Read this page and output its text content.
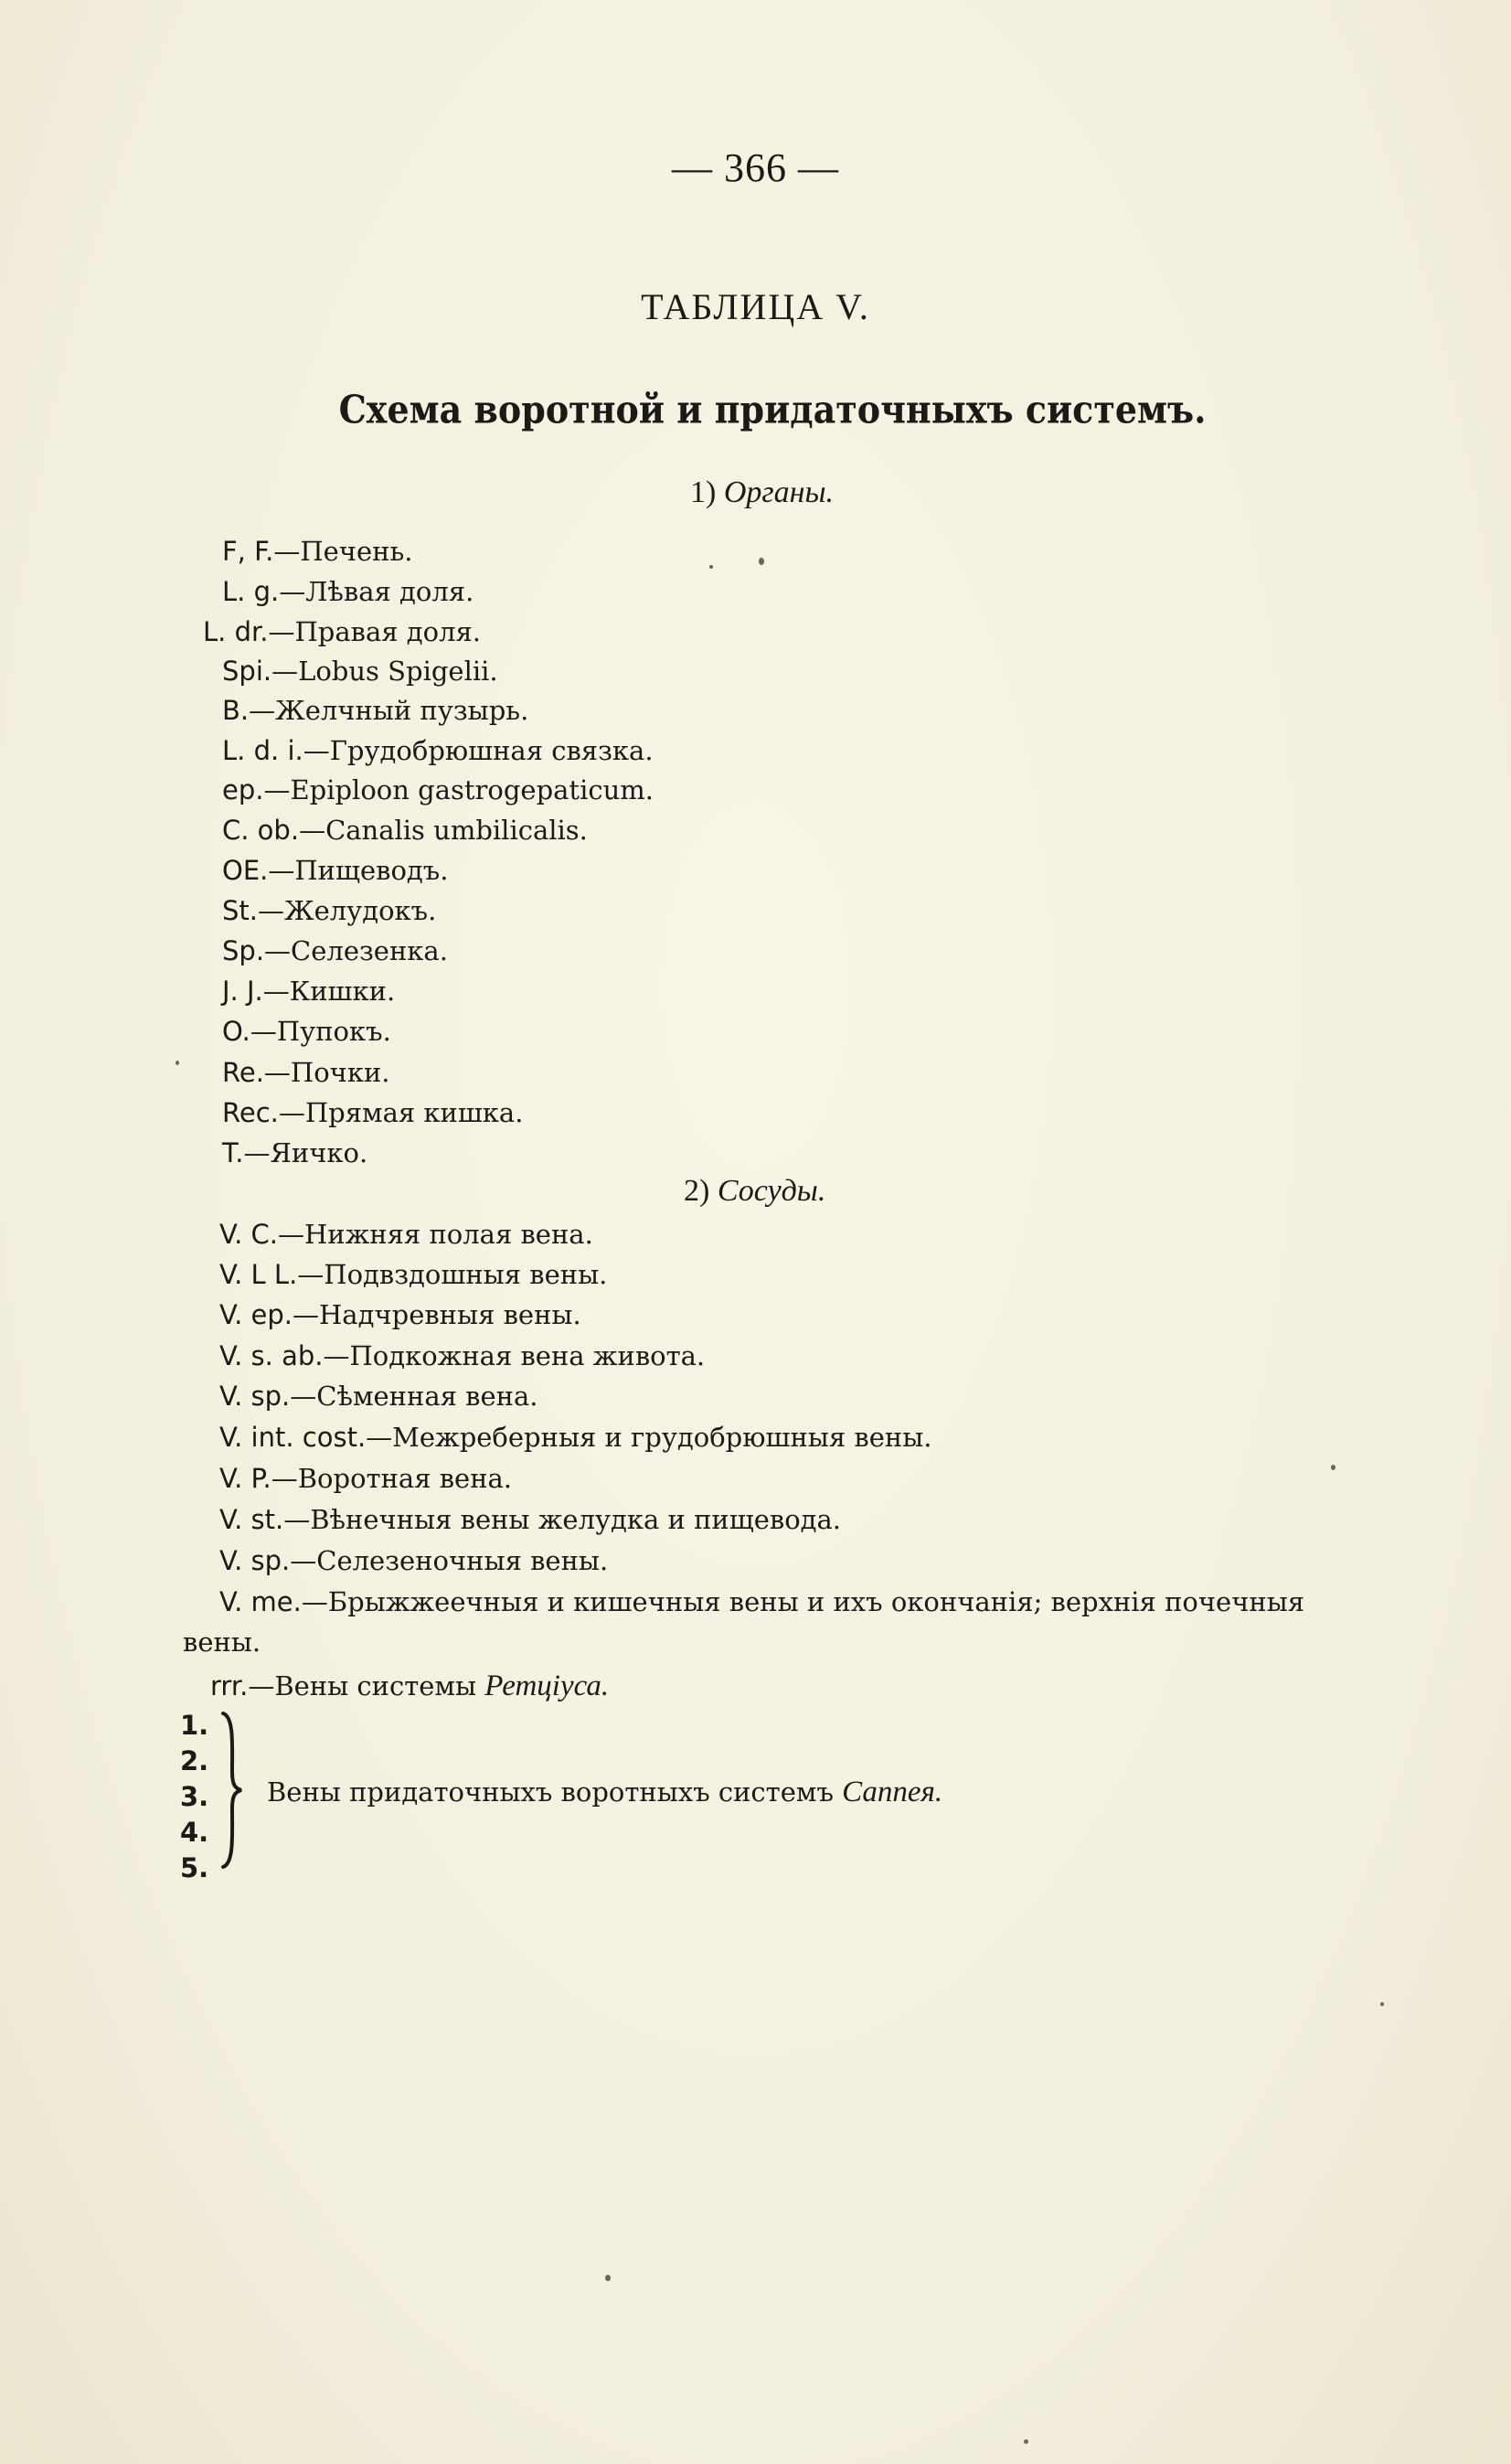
— 366 —
ТАБЛИЦА V.
Схема воротной и придаточныхъ системъ.
1) Органы.
F, F.—Печень.
L. g.—Лѣвая доля.
L. dr.—Правая доля.
Spi.—Lobus Spigelii.
B.—Желчный пузырь.
L. d. i.—Грудобрюшная связка.
ep.—Epiploon gastrogepaticum.
C. ob.—Canalis umbilicalis.
OE.—Пищеводъ.
St.—Желудокъ.
Sp.—Селезенка.
J. J.—Кишки.
O.—Пупокъ.
Re.—Почки.
Rec.—Прямая кишка.
T.—Яичко.
2) Сосуды.
V. C.—Нижняя полая вена.
V. L L.—Подвздошныя вены.
V. ep.—Надчревныя вены.
V. s. ab.—Подкожная вена живота.
V. sp.—Сѣменная вена.
V. int. cost.—Межреберныя и грудобрюшныя вены.
V. P.—Воротная вена.
V. st.—Вѣнечныя вены желудка и пищевода.
V. sp.—Селезеночныя вены.
V. me.—Брыжжеечныя и кишечныя вены и ихъ окончанія; верхнія почечныя
вены.
rrr.—Вены системы Ретціуса.
1.
2.
3.
4.
5.
Вены придаточныхъ воротныхъ системъ Саппея.
